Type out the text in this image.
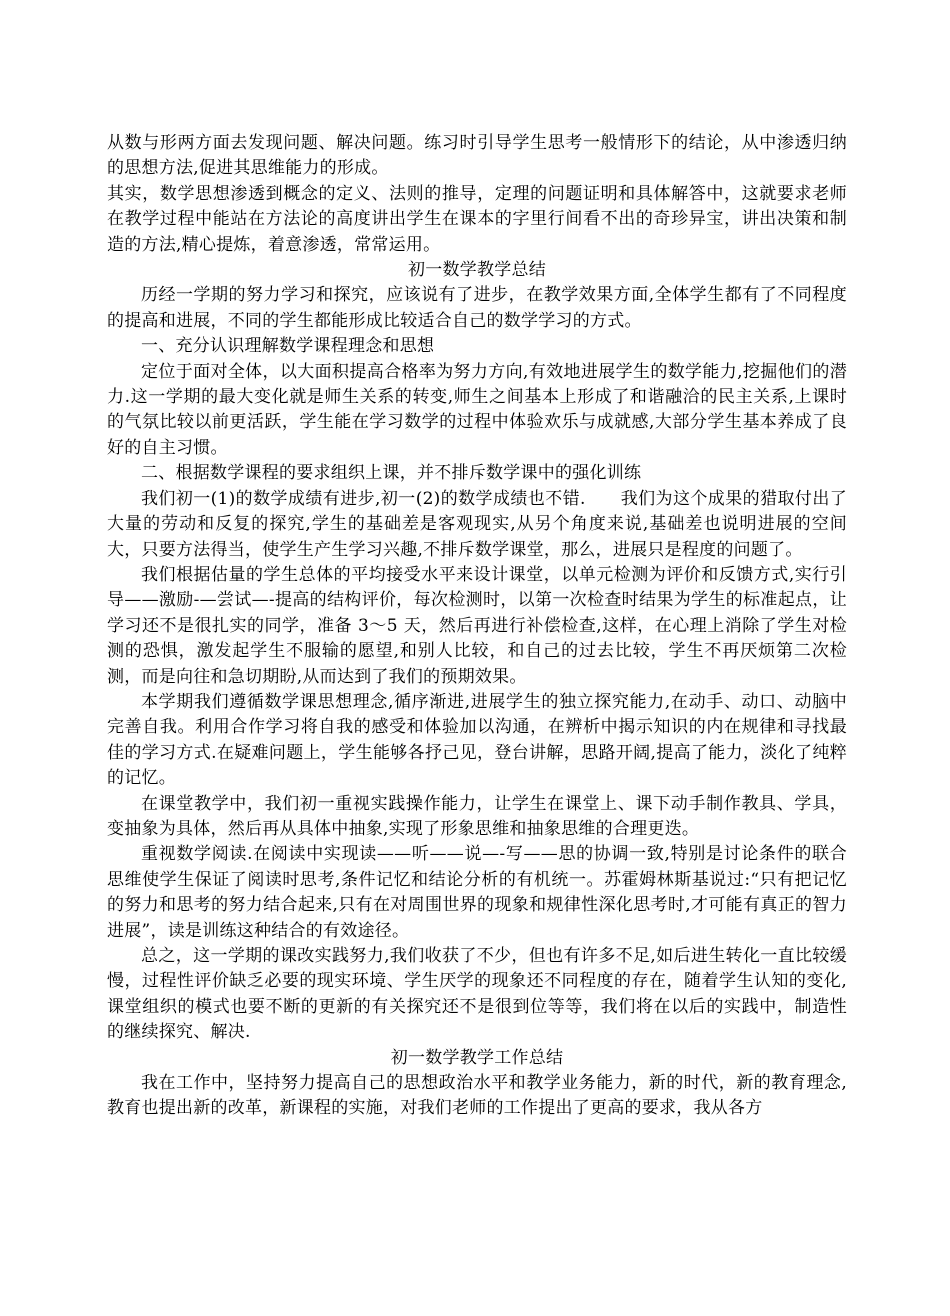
从数与形两方面去发现问题、解决问题。练习时引导学生思考一般情形下的结论，从中渗透归纳的思想方法,促进其思维能力的形成。

其实，数学思想渗透到概念的定义、法则的推导，定理的问题证明和具体解答中，这就要求老师在教学过程中能站在方法论的高度讲出学生在课本的字里行间看不出的奇珍异宝，讲出决策和制造的方法,精心提炼，着意渗透，常常运用。

初一数学教学总结

历经一学期的努力学习和探究，应该说有了进步，在教学效果方面,全体学生都有了不同程度的提高和进展，不同的学生都能形成比较适合自己的数学学习的方式。

一、充分认识理解数学课程理念和思想

定位于面对全体，以大面积提高合格率为努力方向,有效地进展学生的数学能力,挖掘他们的潜力.这一学期的最大变化就是师生关系的转变,师生之间基本上形成了和谐融洽的民主关系,上课时的气氛比较以前更活跃，学生能在学习数学的过程中体验欢乐与成就感,大部分学生基本养成了良好的自主习惯。

二、根据数学课程的要求组织上课，并不排斥数学课中的强化训练

我们初一(1)的数学成绩有进步,初一(2)的数学成绩也不错.　　我们为这个成果的猎取付出了大量的劳动和反复的探究,学生的基础差是客观现实,从另个角度来说,基础差也说明进展的空间大，只要方法得当，使学生产生学习兴趣,不排斥数学课堂，那么，进展只是程度的问题了。

我们根据估量的学生总体的平均接受水平来设计课堂，以单元检测为评价和反馈方式,实行引导——激励-—尝试—-提高的结构评价，每次检测时，以第一次检查时结果为学生的标准起点，让学习还不是很扎实的同学，准备 3～5 天，然后再进行补偿检查,这样，在心理上消除了学生对检测的恐惧，激发起学生不服输的愿望,和别人比较，和自己的过去比较，学生不再厌烦第二次检测，而是向往和急切期盼,从而达到了我们的预期效果。

本学期我们遵循数学课思想理念,循序渐进,进展学生的独立探究能力,在动手、动口、动脑中完善自我。利用合作学习将自我的感受和体验加以沟通，在辨析中揭示知识的内在规律和寻找最佳的学习方式.在疑难问题上，学生能够各抒己见，登台讲解，思路开阔,提高了能力，淡化了纯粹的记忆。

在课堂教学中，我们初一重视实践操作能力，让学生在课堂上、课下动手制作教具、学具，变抽象为具体，然后再从具体中抽象,实现了形象思维和抽象思维的合理更迭。

重视数学阅读.在阅读中实现读——听——说—-写——思的协调一致,特别是讨论条件的联合思维使学生保证了阅读时思考,条件记忆和结论分析的有机统一。苏霍姆林斯基说过:“只有把记忆的努力和思考的努力结合起来,只有在对周围世界的现象和规律性深化思考时,才可能有真正的智力进展”，读是训练这种结合的有效途径。

总之，这一学期的课改实践努力,我们收获了不少，但也有许多不足,如后进生转化一直比较缓慢，过程性评价缺乏必要的现实环境、学生厌学的现象还不同程度的存在，随着学生认知的变化,课堂组织的模式也要不断的更新的有关探究还不是很到位等等，我们将在以后的实践中，制造性的继续探究、解决.

初一数学教学工作总结

我在工作中，坚持努力提高自己的思想政治水平和教学业务能力，新的时代，新的教育理念,教育也提出新的改革，新课程的实施，对我们老师的工作提出了更高的要求，我从各方
